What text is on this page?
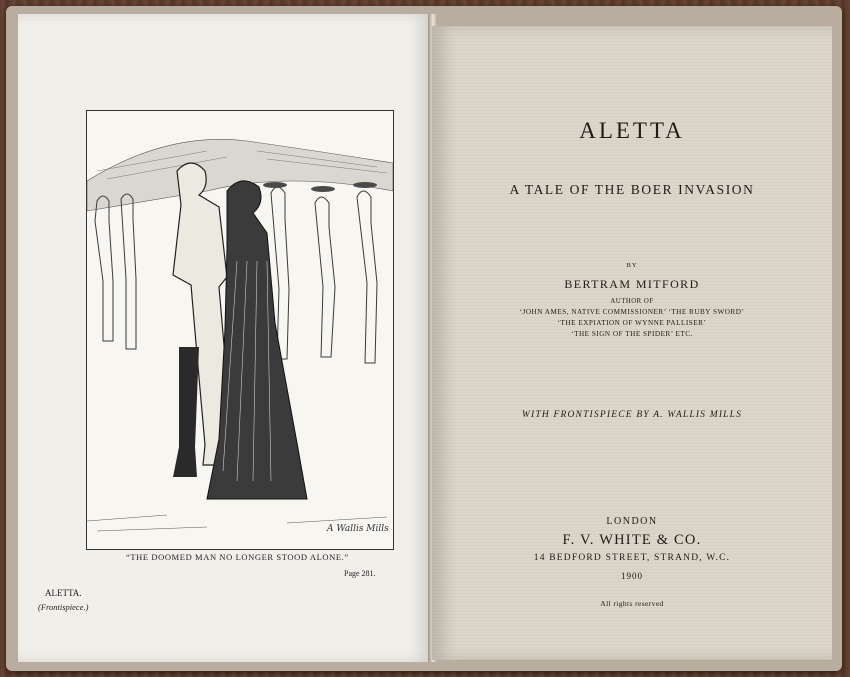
A Wallis Mills
“THE DOOMED MAN NO LONGER STOOD ALONE.”
Page 281.
ALETTA.
(Frontispiece.)
ALETTA
A TALE OF THE BOER INVASION
BY
BERTRAM MITFORD
AUTHOR OF
‘JOHN AMES, NATIVE COMMISSIONER’ ‘THE RUBY SWORD’
‘THE EXPIATION OF WYNNE PALLISER’
‘THE SIGN OF THE SPIDER’ ETC.
WITH FRONTISPIECE BY A. WALLIS MILLS
LONDON
F. V. WHITE & CO.
14 BEDFORD STREET, STRAND, W.C.
1900
All rights reserved
